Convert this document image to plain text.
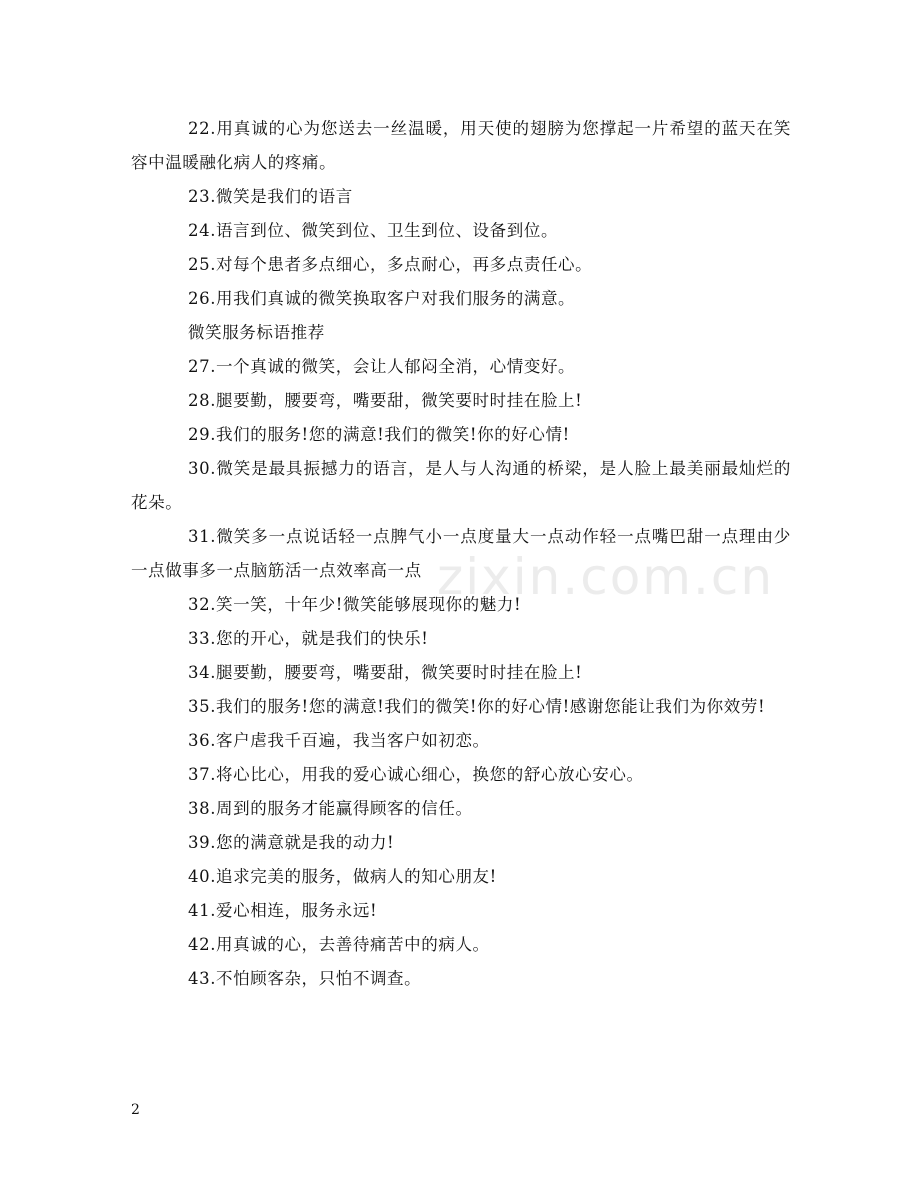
22.用真诚的心为您送去一丝温暖，用天使的翅膀为您撑起一片希望的蓝天在笑容中温暖融化病人的疼痛。

23.微笑是我们的语言

24.语言到位、微笑到位、卫生到位、设备到位。

25.对每个患者多点细心，多点耐心，再多点责任心。

26.用我们真诚的微笑换取客户对我们服务的满意。

微笑服务标语推荐

27.一个真诚的微笑，会让人郁闷全消，心情变好。

28.腿要勤，腰要弯，嘴要甜，微笑要时时挂在脸上!

29.我们的服务!您的满意!我们的微笑!你的好心情!

30.微笑是最具振撼力的语言，是人与人沟通的桥梁，是人脸上最美丽最灿烂的花朵。

31.微笑多一点说话轻一点脾气小一点度量大一点动作轻一点嘴巴甜一点理由少一点做事多一点脑筋活一点效率高一点

32.笑一笑，十年少!微笑能够展现你的魅力!

33.您的开心，就是我们的快乐!

34.腿要勤，腰要弯，嘴要甜，微笑要时时挂在脸上!

35.我们的服务!您的满意!我们的微笑!你的好心情!感谢您能让我们为你效劳!

36.客户虐我千百遍，我当客户如初恋。

37.将心比心，用我的爱心诚心细心，换您的舒心放心安心。

38.周到的服务才能赢得顾客的信任。

39.您的满意就是我的动力!

40.追求完美的服务，做病人的知心朋友!

41.爱心相连，服务永远!

42.用真诚的心，去善待痛苦中的病人。

43.不怕顾客杂，只怕不调查。

zixin.com.cn
2
